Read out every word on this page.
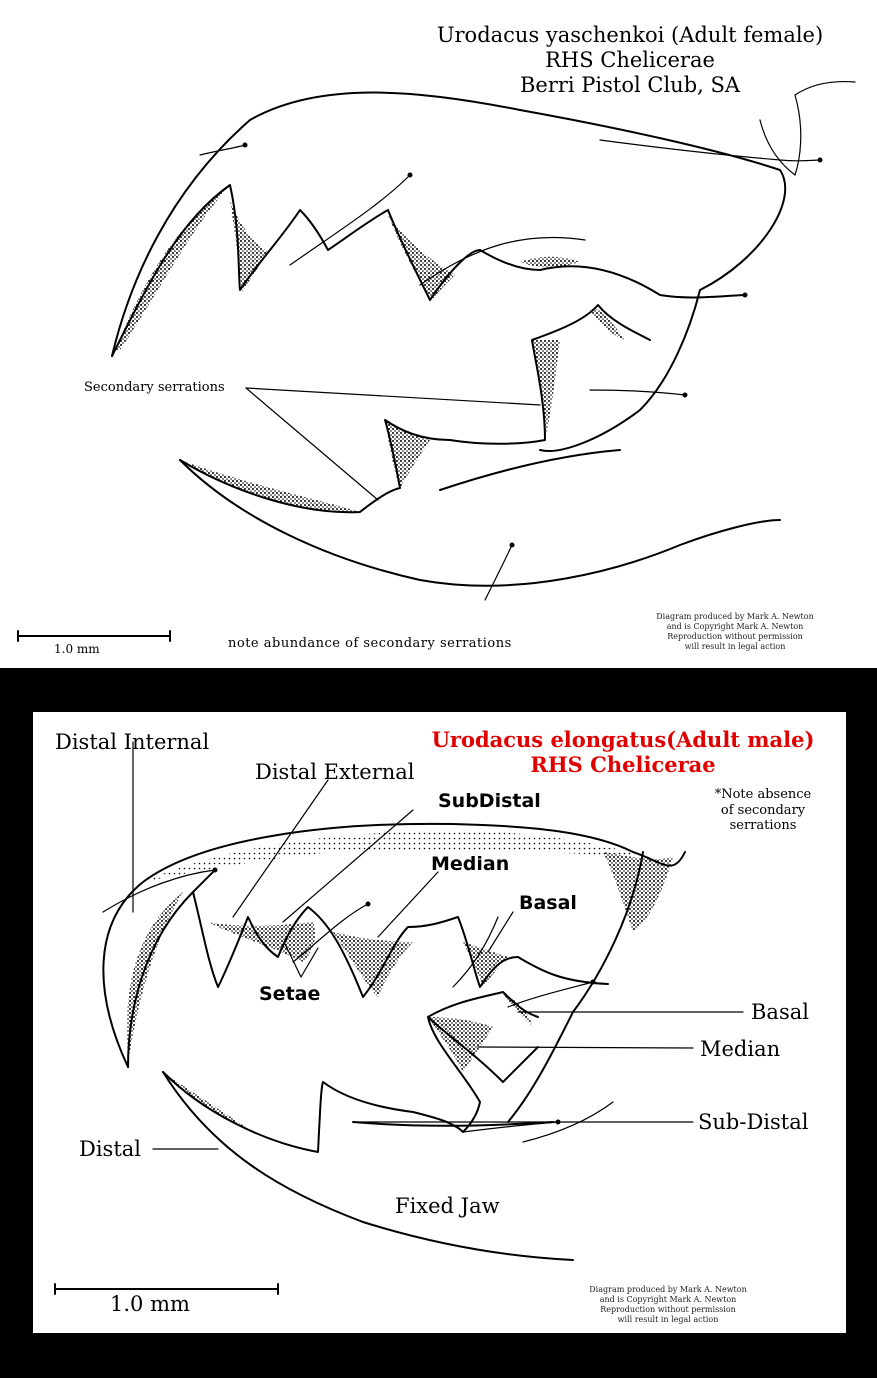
Urodacus yaschenkoi (Adult female)
RHS Chelicerae
Berri Pistol Club, SA
Secondary serrations
note abundance of secondary serrations
1.0 mm
Diagram produced by Mark A. Newton
and is Copyright Mark A. Newton
Reproduction without permission
will result in legal action
Urodacus elongatus(Adult male)
RHS Chelicerae
*Note absence
of secondary
serrations
Distal Internal
Distal External
SubDistal
Median
Basal
Setae
Basal
Median
Sub-Distal
Distal
Fixed Jaw
1.0 mm
Diagram produced by Mark A. Newton
and is Copyright Mark A. Newton
Reproduction without permission
will result in legal action
